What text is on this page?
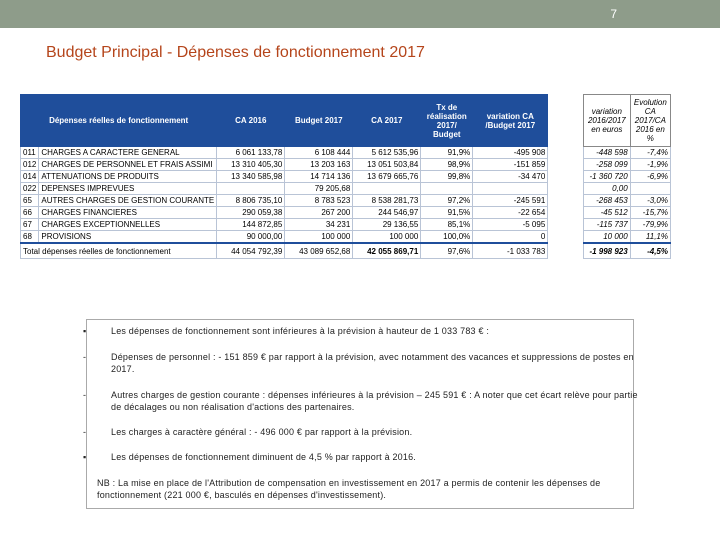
7
Budget Principal - Dépenses de fonctionnement 2017
Dépenses réelles de fonctionnement		CA 2016	Budget 2017	CA 2017	Tx de réalisation 2017/ Budget	variation CA /Budget 2017
011	CHARGES A CARACTERE GENERAL	6 061 133,78	6 108 444	5 612 535,96	91,9%	-495 908
012	CHARGES DE PERSONNEL ET FRAIS ASSIMI	13 310 405,30	13 203 163	13 051 503,84	98,9%	-151 859
014	ATTENUATIONS DE PRODUITS	13 340 585,98	14 714 136	13 679 665,76	99,8%	-34 470
022	DEPENSES IMPREVUES		79 205,68			
65	AUTRES CHARGES DE GESTION COURANTE	8 806 735,10	8 783 523	8 538 281,73	97,2%	-245 591
66	CHARGES FINANCIERES	290 059,38	267 200	244 546,97	91,5%	-22 654
67	CHARGES EXCEPTIONNELLES	144 872,85	34 231	29 136,55	85,1%	-5 095
68	PROVISIONS	90 000,00	100 000	100 000	100,0%	0
Total dépenses réelles de fonctionnement		44 054 792,39	43 089 652,68	42 055 869,71	97,6%	-1 033 783
variation 2016/2017 en euros	Evolution CA 2017/CA 2016 en %
-448 598	-7,4%
-258 099	-1,9%
-1 360 720	-6,9%
0,00	
-268 453	-3,0%
-45 512	-15,7%
-115 737	-79,9%
10 000	11,1%
-1 998 923	-4,5%
▪	Les dépenses de fonctionnement sont inférieures à la prévision à hauteur de 1 033 783 € :
-	Dépenses de personnel : - 151 859 € par rapport à la prévision, avec notamment des vacances et suppressions de postes en 2017.
-	Autres charges de gestion courante : dépenses inférieures à la prévision – 245 591 € : A noter que cet écart relève pour partie de décalages ou non réalisation d'actions des partenaires.
-	Les charges à caractère général : - 496 000 € par rapport à la prévision.
▪	Les dépenses de fonctionnement diminuent de 4,5 % par rapport à 2016.
NB : La mise en place de l'Attribution de compensation en investissement en 2017 a permis de contenir les dépenses de fonctionnement (221 000 €, basculés en dépenses d'investissement).
